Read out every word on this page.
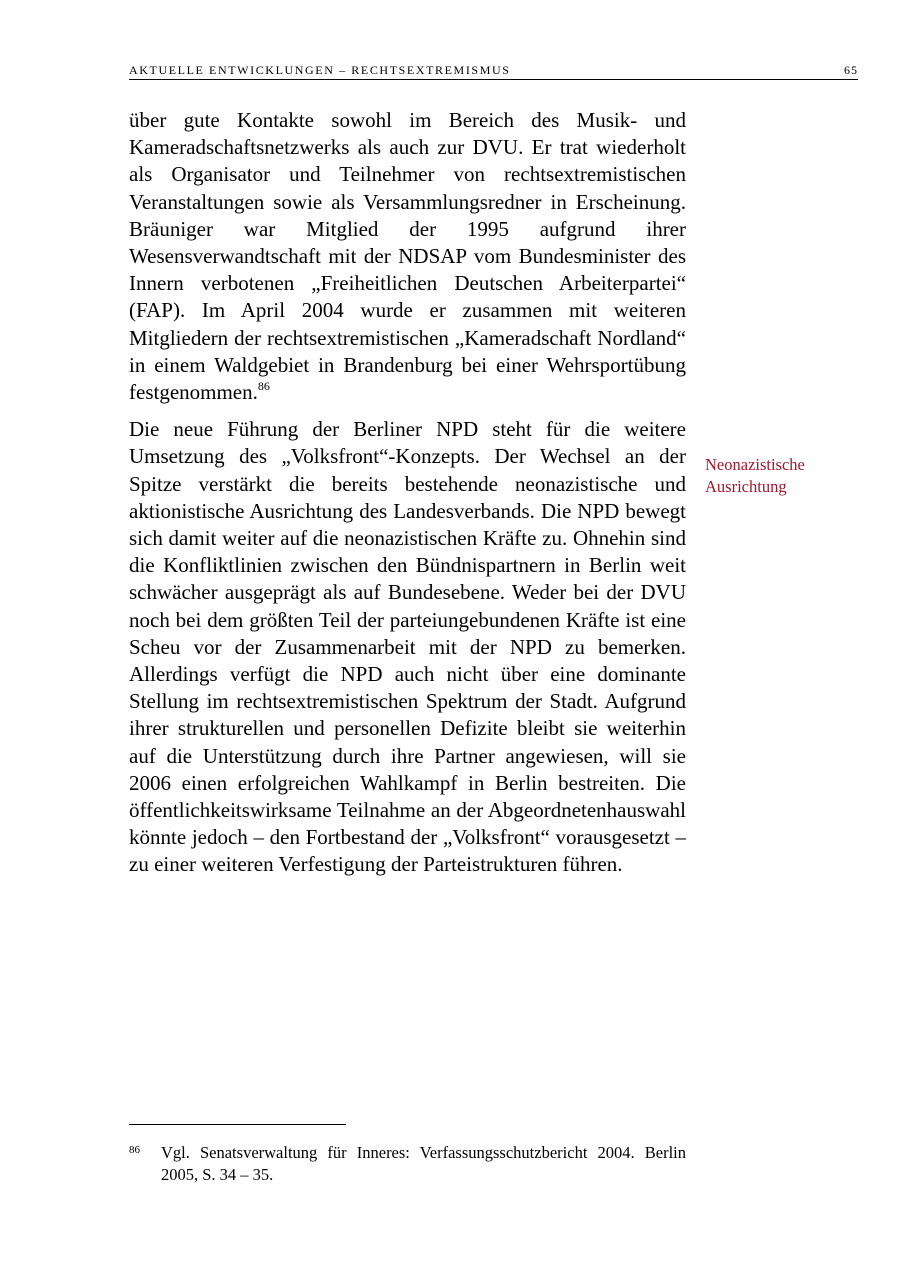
AKTUELLE ENTWICKLUNGEN – RECHTSEXTREMISMUS	65

über gute Kontakte sowohl im Bereich des Musik- und Kameradschaftsnetzwerks als auch zur DVU. Er trat wiederholt als Organisator und Teilnehmer von rechtsextremistischen Veranstaltungen sowie als Versammlungsredner in Erscheinung. Bräuniger war Mitglied der 1995 aufgrund ihrer Wesensverwandtschaft mit der NDSAP vom Bundesminister des Innern verbotenen „Freiheitlichen Deutschen Arbeiterpartei“ (FAP). Im April 2004 wurde er zusammen mit weiteren Mitgliedern der rechtsextremistischen „Kameradschaft Nordland“ in einem Waldgebiet in Brandenburg bei einer Wehrsportübung festgenommen.$^{86}$

Die neue Führung der Berliner NPD steht für die weitere Umsetzung des „Volksfront“-Konzepts. Der Wechsel an der Spitze verstärkt die bereits bestehende neonazistische und aktionistische Ausrichtung des Landesverbands. Die NPD bewegt sich damit weiter auf die neonazistischen Kräfte zu. Ohnehin sind die Konfliktlinien zwischen den Bündnispartnern in Berlin weit schwächer ausgeprägt als auf Bundesebene. Weder bei der DVU noch bei dem größten Teil der parteiungebundenen Kräfte ist eine Scheu vor der Zusammenarbeit mit der NPD zu bemerken. Allerdings verfügt die NPD auch nicht über eine dominante Stellung im rechtsextremistischen Spektrum der Stadt. Aufgrund ihrer strukturellen und personellen Defizite bleibt sie weiterhin auf die Unterstützung durch ihre Partner angewiesen, will sie 2006 einen erfolgreichen Wahlkampf in Berlin bestreiten. Die öffentlichkeitswirksame Teilnahme an der Abgeordnetenhauswahl könnte jedoch – den Fortbestand der „Volksfront“ vorausgesetzt – zu einer weiteren Verfestigung der Parteistrukturen führen.

Neonazistische
Ausrichtung
86 Vgl. Senatsverwaltung für Inneres: Verfassungsschutzbericht 2004. Berlin 2005, S. 34 – 35.
